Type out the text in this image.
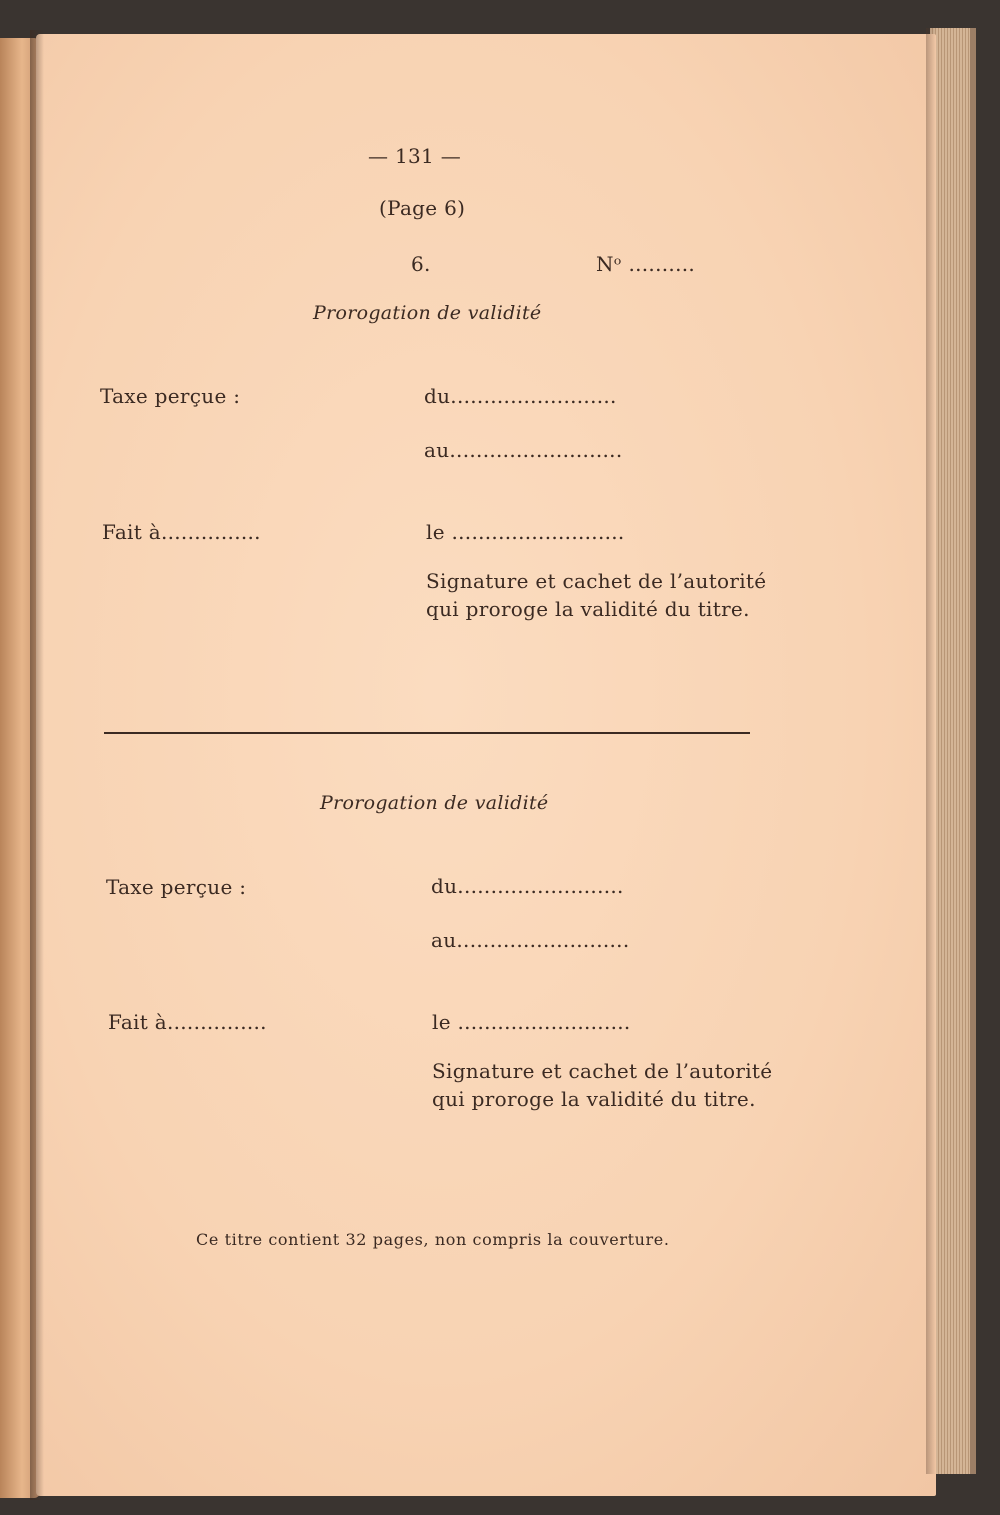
— 131 —
(Page 6)
6.	Nᵒ ..........
Prorogation de validité
Taxe perçue :	du.........................
au..........................
Fait à...............	le ..........................
Signature et cachet de l’autorité
qui proroge la validité du titre.
Prorogation de validité
Taxe perçue :	du.........................
au..........................
Fait à...............	le ..........................
Signature et cachet de l’autorité
qui proroge la validité du titre.
Ce titre contient 32 pages, non compris la couverture.
